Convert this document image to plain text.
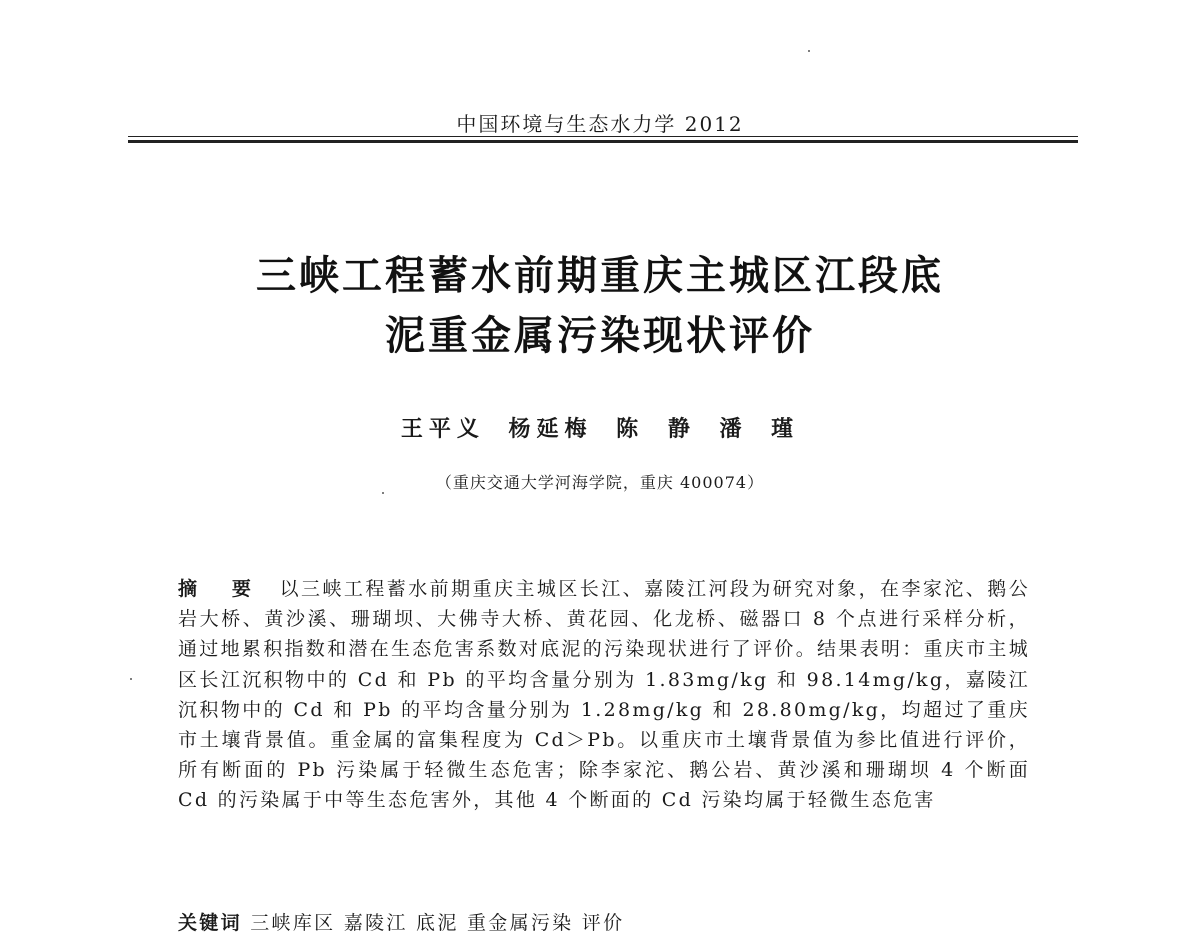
中国环境与生态水力学 2012
三峡工程蓄水前期重庆主城区江段底
泥重金属污染现状评价
王平义 杨延梅 陈 静 潘 瑾
（重庆交通大学河海学院，重庆 400074）
摘 要 以三峡工程蓄水前期重庆主城区长江、嘉陵江河段为研究对象，在李家沱、鹅公岩大桥、黄沙溪、珊瑚坝、大佛寺大桥、黄花园、化龙桥、磁器口 8 个点进行采样分析，通过地累积指数和潜在生态危害系数对底泥的污染现状进行了评价。结果表明：重庆市主城区长江沉积物中的 Cd 和 Pb 的平均含量分别为 1.83mg/kg 和 98.14mg/kg，嘉陵江沉积物中的 Cd 和 Pb 的平均含量分别为 1.28mg/kg 和 28.80mg/kg，均超过了重庆市土壤背景值。重金属的富集程度为 Cd＞Pb。以重庆市土壤背景值为参比值进行评价，所有断面的 Pb 污染属于轻微生态危害；除李家沱、鹅公岩、黄沙溪和珊瑚坝 4 个断面 Cd 的污染属于中等生态危害外，其他 4 个断面的 Cd 污染均属于轻微生态危害
关键词 三峡库区 嘉陵江 底泥 重金属污染 评价
